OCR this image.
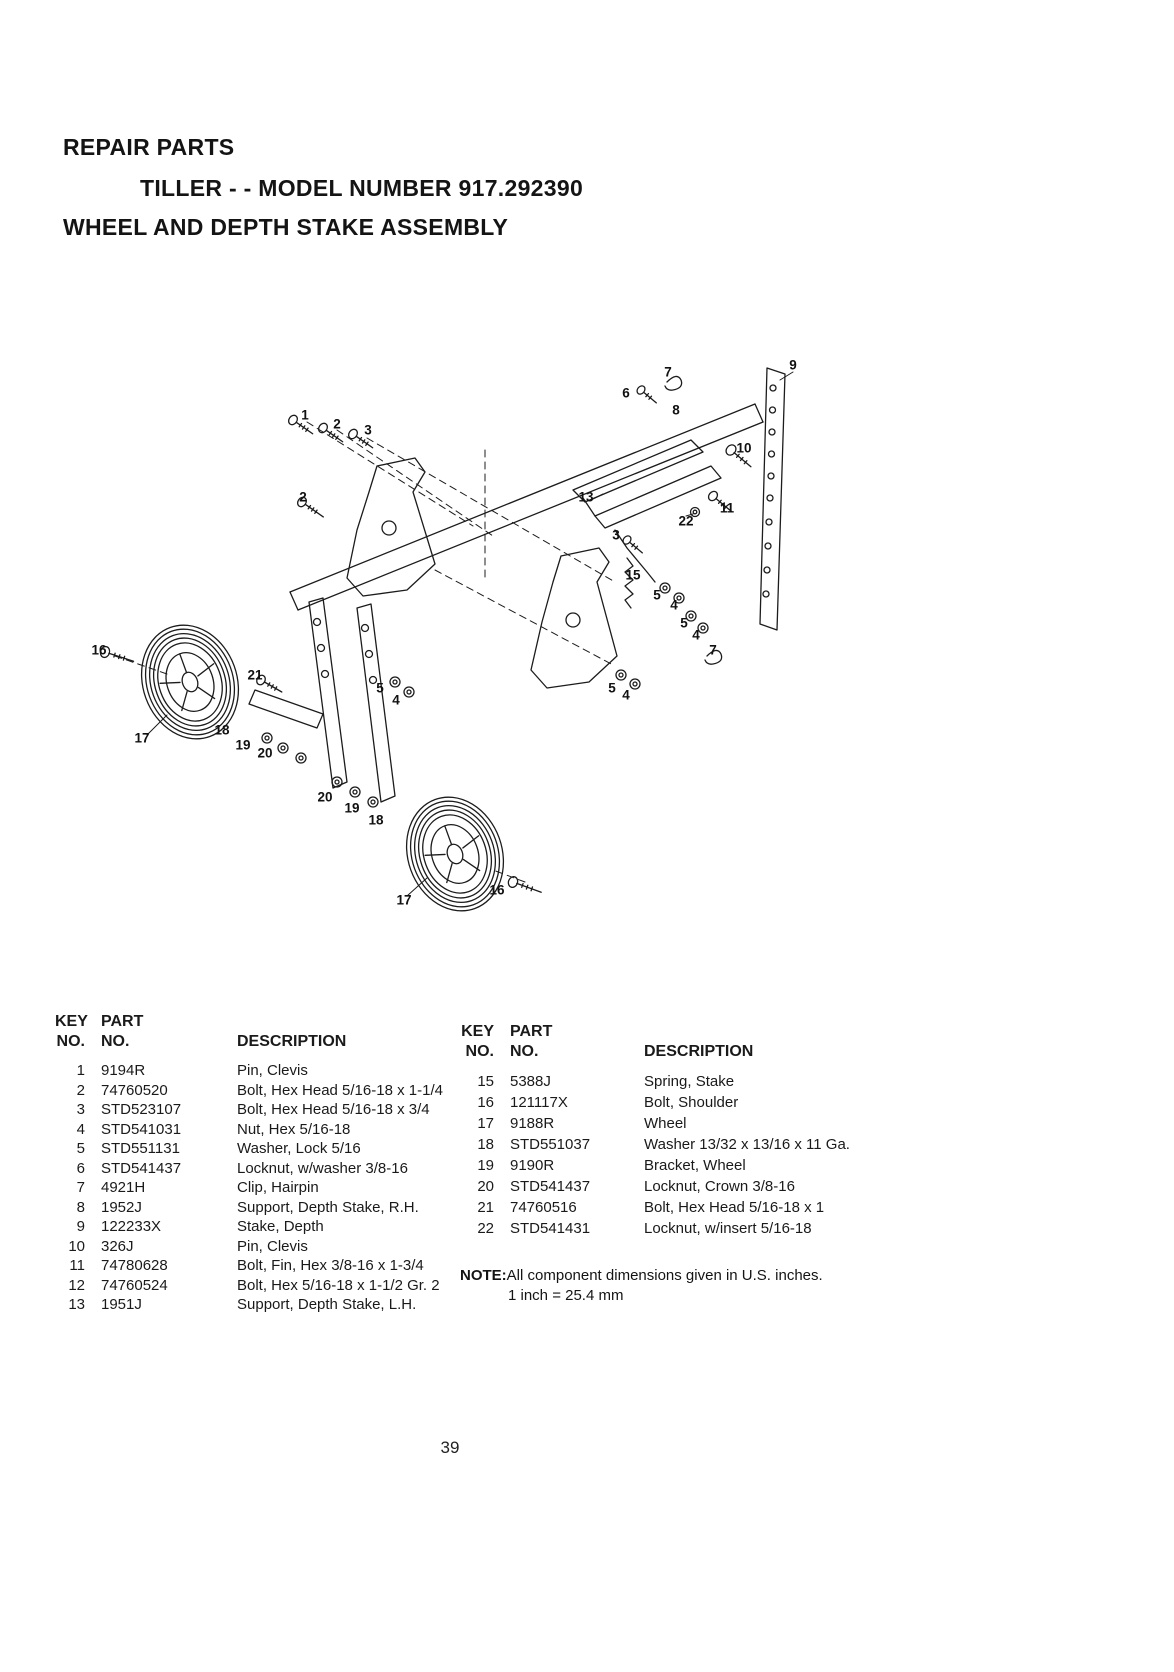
REPAIR PARTS
TILLER - - MODEL NUMBER 917.292390
WHEEL AND DEPTH STAKE ASSEMBLY
1
2 3
2
6
7
8
9
10
11
13
22
3
15
5
4
5
4
7
16
21
5
4
17
18
19
20
5 4
20
19
18
17
16
KEY PART
NO. NO.	DESCRIPTION
1 9194R	Pin, Clevis
2 74760520	Bolt, Hex Head 5/16-18 x 1-1/4
3 STD523107	Bolt, Hex Head 5/16-18 x 3/4
4 STD541031	Nut, Hex 5/16-18
5 STD551131	Washer, Lock 5/16
6 STD541437	Locknut, w/washer 3/8-16
7 4921H	Clip, Hairpin
8 1952J	Support, Depth Stake, R.H.
9 122233X	Stake, Depth
10 326J	Pin, Clevis
11 74780628	Bolt, Fin, Hex 3/8-16 x 1-3/4
12 74760524	Bolt, Hex 5/16-18 x 1-1/2 Gr. 2
13 1951J	Support, Depth Stake, L.H.
KEY PART
NO. NO.	DESCRIPTION
15 5388J	Spring, Stake
16 121117X	Bolt, Shoulder
17 9188R	Wheel
18 STD551037	Washer 13/32 x 13/16 x 11 Ga.
19 9190R	Bracket, Wheel
20 STD541437	Locknut, Crown 3/8-16
21 74760516	Bolt, Hex Head 5/16-18 x 1
22 STD541431	Locknut, w/insert 5/16-18
NOTE:All component dimensions given in U.S. inches.
1 inch = 25.4 mm
39
